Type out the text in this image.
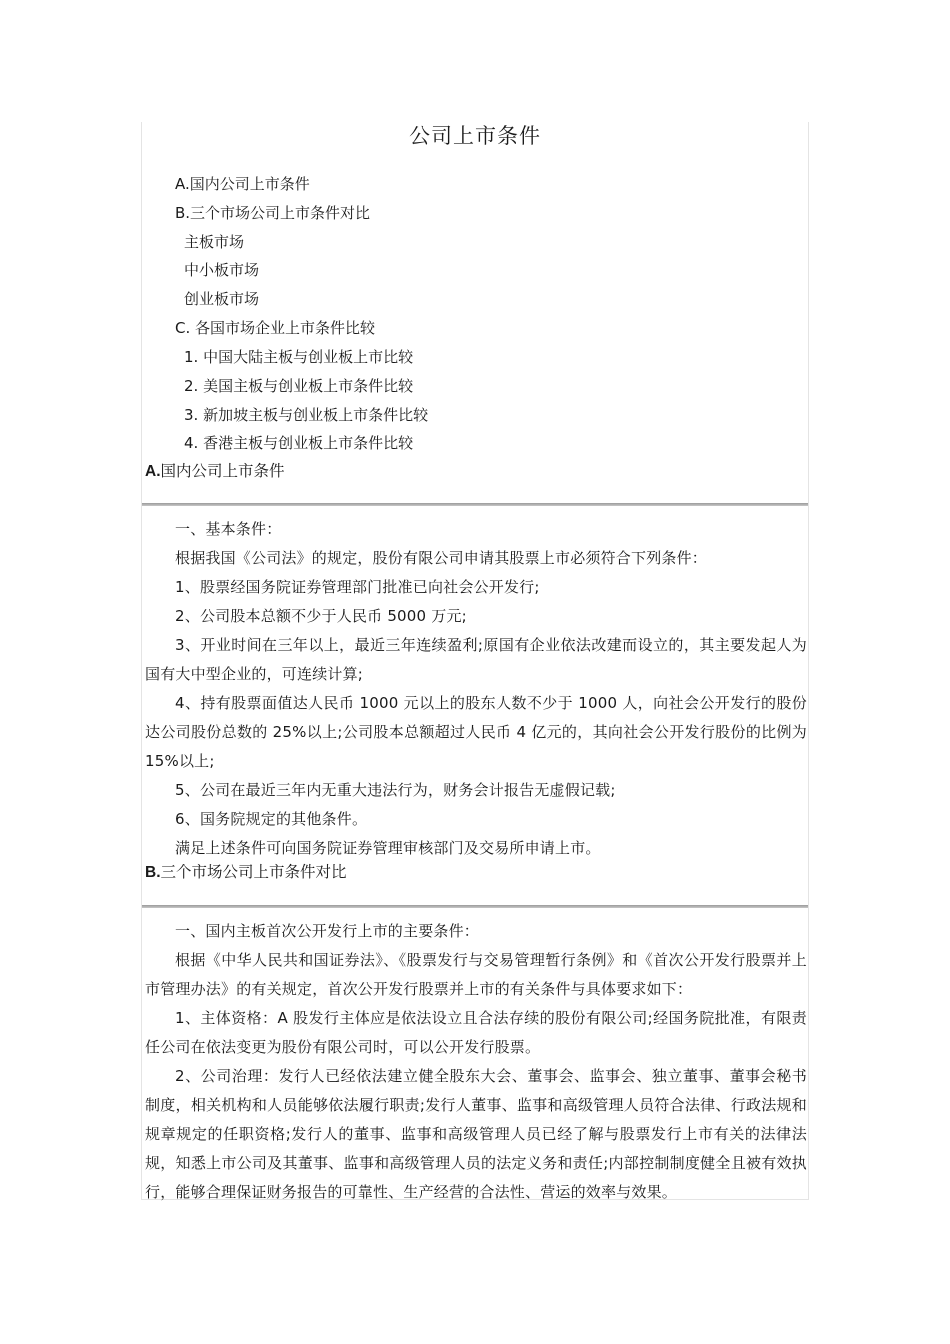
公司上市条件
A.国内公司上市条件
B.三个市场公司上市条件对比
主板市场
中小板市场
创业板市场
C. 各国市场企业上市条件比较
1. 中国大陆主板与创业板上市比较
2. 美国主板与创业板上市条件比较
3. 新加坡主板与创业板上市条件比较
4. 香港主板与创业板上市条件比较
A.国内公司上市条件

一、基本条件：

根据我国《公司法》的规定，股份有限公司申请其股票上市必须符合下列条件：

1、股票经国务院证券管理部门批准已向社会公开发行;

2、公司股本总额不少于人民币 5000 万元;

3、开业时间在三年以上，最近三年连续盈利;原国有企业依法改建而设立的，其主要发起人为国有大中型企业的，可连续计算;

4、持有股票面值达人民币 1000 元以上的股东人数不少于 1000 人，向社会公开发行的股份达公司股份总数的 25%以上;公司股本总额超过人民币 4 亿元的，其向社会公开发行股份的比例为 15%以上;

5、公司在最近三年内无重大违法行为，财务会计报告无虚假记载;

6、国务院规定的其他条件。

满足上述条件可向国务院证券管理审核部门及交易所申请上市。

B.三个市场公司上市条件对比

一、国内主板首次公开发行上市的主要条件：

根据《中华人民共和国证券法》、《股票发行与交易管理暂行条例》和《首次公开发行股票并上市管理办法》的有关规定，首次公开发行股票并上市的有关条件与具体要求如下：

1、主体资格：A 股发行主体应是依法设立且合法存续的股份有限公司;经国务院批准，有限责任公司在依法变更为股份有限公司时，可以公开发行股票。

2、公司治理：发行人已经依法建立健全股东大会、董事会、监事会、独立董事、董事会秘书制度，相关机构和人员能够依法履行职责;发行人董事、监事和高级管理人员符合法律、行政法规和规章规定的任职资格;发行人的董事、监事和高级管理人员已经了解与股票发行上市有关的法律法规，知悉上市公司及其董事、监事和高级管理人员的法定义务和责任;内部控制制度健全且被有效执行，能够合理保证财务报告的可靠性、生产经营的合法性、营运的效率与效果。
